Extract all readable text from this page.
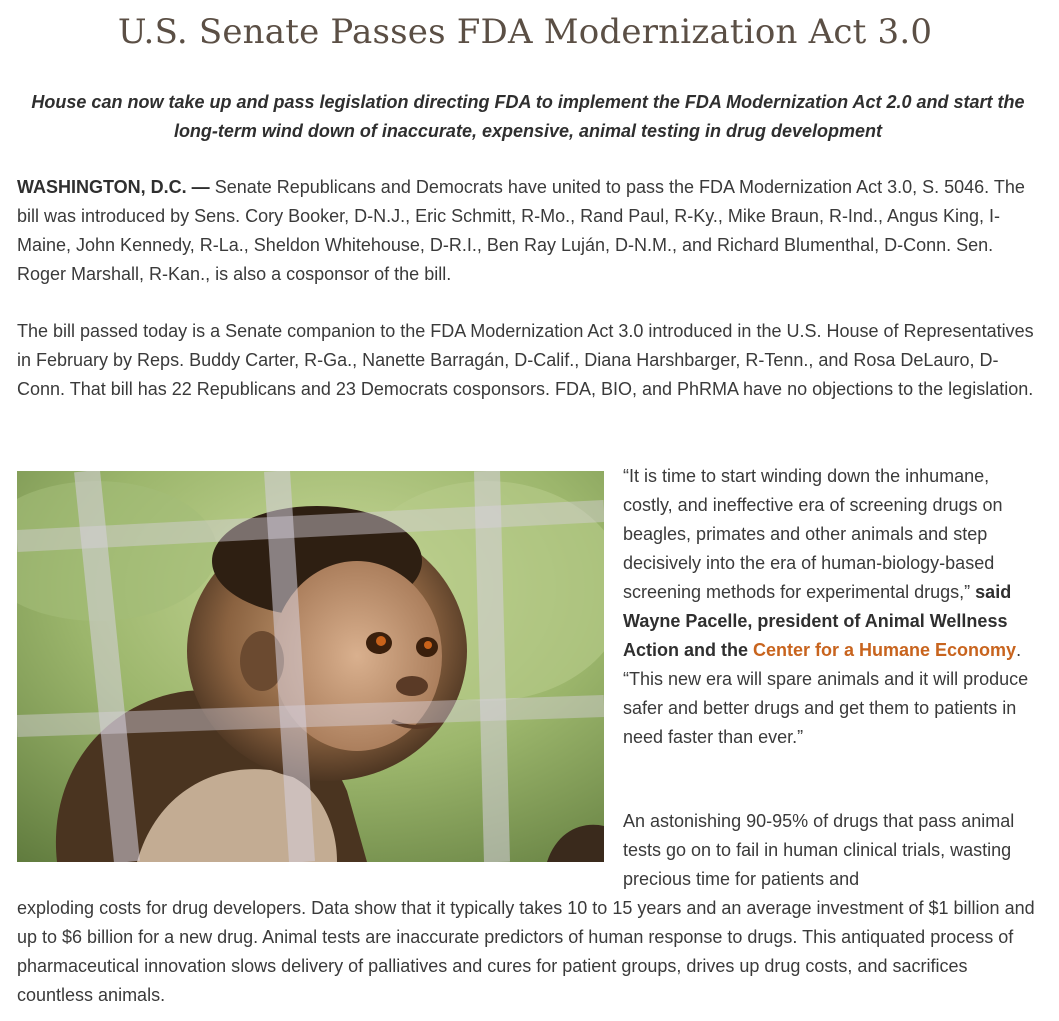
U.S. Senate Passes FDA Modernization Act 3.0

House can now take up and pass legislation directing FDA to implement the FDA Modernization Act 2.0 and start the long-term wind down of inaccurate, expensive, animal testing in drug development

WASHINGTON, D.C. — Senate Republicans and Democrats have united to pass the FDA Modernization Act 3.0, S. 5046. The bill was introduced by Sens. Cory Booker, D-N.J., Eric Schmitt, R-Mo., Rand Paul, R-Ky., Mike Braun, R-Ind., Angus King, I-Maine, John Kennedy, R-La., Sheldon Whitehouse, D-R.I., Ben Ray Luján, D-N.M., and Richard Blumenthal, D-Conn. Sen. Roger Marshall, R-Kan., is also a cosponsor of the bill.

The bill passed today is a Senate companion to the FDA Modernization Act 3.0 introduced in the U.S. House of Representatives in February by Reps. Buddy Carter, R-Ga., Nanette Barragán, D-Calif., Diana Harshbarger, R-Tenn., and Rosa DeLauro, D-Conn. That bill has 22 Republicans and 23 Democrats cosponsors. FDA, BIO, and PhRMA have no objections to the legislation.

“It is time to start winding down the inhumane, costly, and ineffective era of screening drugs on beagles, primates and other animals and step decisively into the era of human-biology-based screening methods for experimental drugs,” said Wayne Pacelle, president of Animal Wellness Action and the Center for a Humane Economy. “This new era will spare animals and it will produce safer and better drugs and get them to patients in need faster than ever.”

An astonishing 90-95% of drugs that pass animal tests go on to fail in human clinical trials, wasting precious time for patients and

exploding costs for drug developers. Data show that it typically takes 10 to 15 years and an average investment of $1 billion and up to $6 billion for a new drug. Animal tests are inaccurate predictors of human response to drugs. This antiquated process of pharmaceutical innovation slows delivery of palliatives and cures for patient groups, drives up drug costs, and sacrifices countless animals.
